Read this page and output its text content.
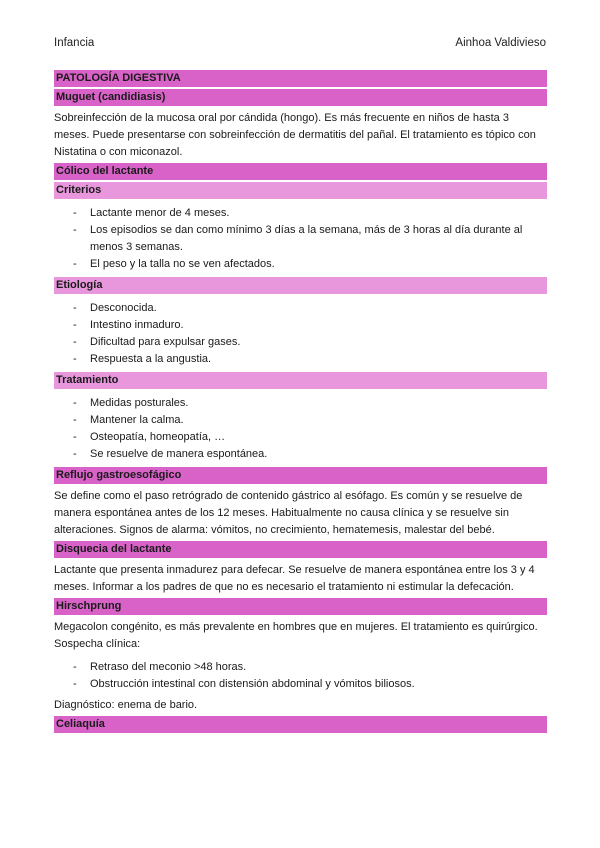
Infancia	Ainhoa Valdivieso
PATOLOGÍA DIGESTIVA
Muguet (candidiasis)
Sobreinfección de la mucosa oral por cándida (hongo). Es más frecuente en niños de hasta 3 meses. Puede presentarse con sobreinfección de dermatitis del pañal. El tratamiento es tópico con Nistatina o con miconazol.
Cólico del lactante
Criterios
- Lactante menor de 4 meses.
- Los episodios se dan como mínimo 3 días a la semana, más de 3 horas al día durante al menos 3 semanas.
- El peso y la talla no se ven afectados.
Etiología
- Desconocida.
- Intestino inmaduro.
- Dificultad para expulsar gases.
- Respuesta a la angustia.
Tratamiento
- Medidas posturales.
- Mantener la calma.
- Osteopatía, homeopatía, …
- Se resuelve de manera espontánea.
Reflujo gastroesofágico
Se define como el paso retrógrado de contenido gástrico al esófago. Es común y se resuelve de manera espontánea antes de los 12 meses. Habitualmente no causa clínica y se resuelve sin alteraciones. Signos de alarma: vómitos, no crecimiento, hematemesis, malestar del bebé.
Disquecia del lactante
Lactante que presenta inmadurez para defecar. Se resuelve de manera espontánea entre los 3 y 4 meses. Informar a los padres de que no es necesario el tratamiento ni estimular la defecación.
Hirschprung
Megacolon congénito, es más prevalente en hombres que en mujeres. El tratamiento es quirúrgico. Sospecha clínica:
- Retraso del meconio >48 horas.
- Obstrucción intestinal con distensión abdominal y vómitos biliosos.
Diagnóstico: enema de bario.
Celiaquía
